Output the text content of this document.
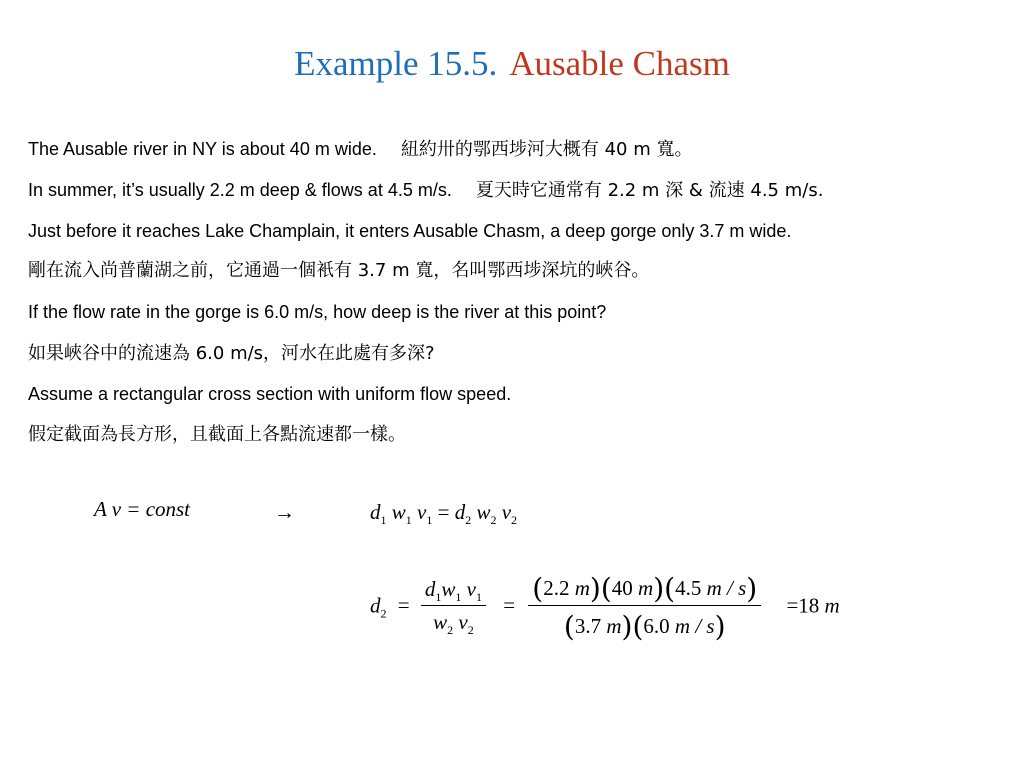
Example 15.5. Ausable Chasm
The Ausable river in NY is about 40 m wide. 紐約卅的鄂西埗河大概有 40 m 寬。
In summer, it’s usually 2.2 m deep & flows at 4.5 m/s. 夏天時它通常有 2.2 m 深 & 流速 4.5 m/s.
Just before it reaches Lake Champlain, it enters Ausable Chasm, a deep gorge only 3.7 m wide.
剛在流入尚普蘭湖之前，它通過一個衹有 3.7 m 寬，名叫鄂西埗深坑的峽谷。
If the flow rate in the gorge is 6.0 m/s, how deep is the river at this point?
如果峽谷中的流速為 6.0 m/s，河水在此處有多深?
Assume a rectangular cross section with uniform flow speed.
假定截面為長方形，且截面上各點流速都一樣。
A v = const	→	$d_1$ $w_1$ $v_1 = d_2$ $w_2$ $v_2$
$d_2 = \frac{d_1w_1 v_1}{w_2 v_2} = \frac{(2.2 m)(40 m)(4.5 m / s)}{(3.7 m)(6.0 m / s)} =18$ m
